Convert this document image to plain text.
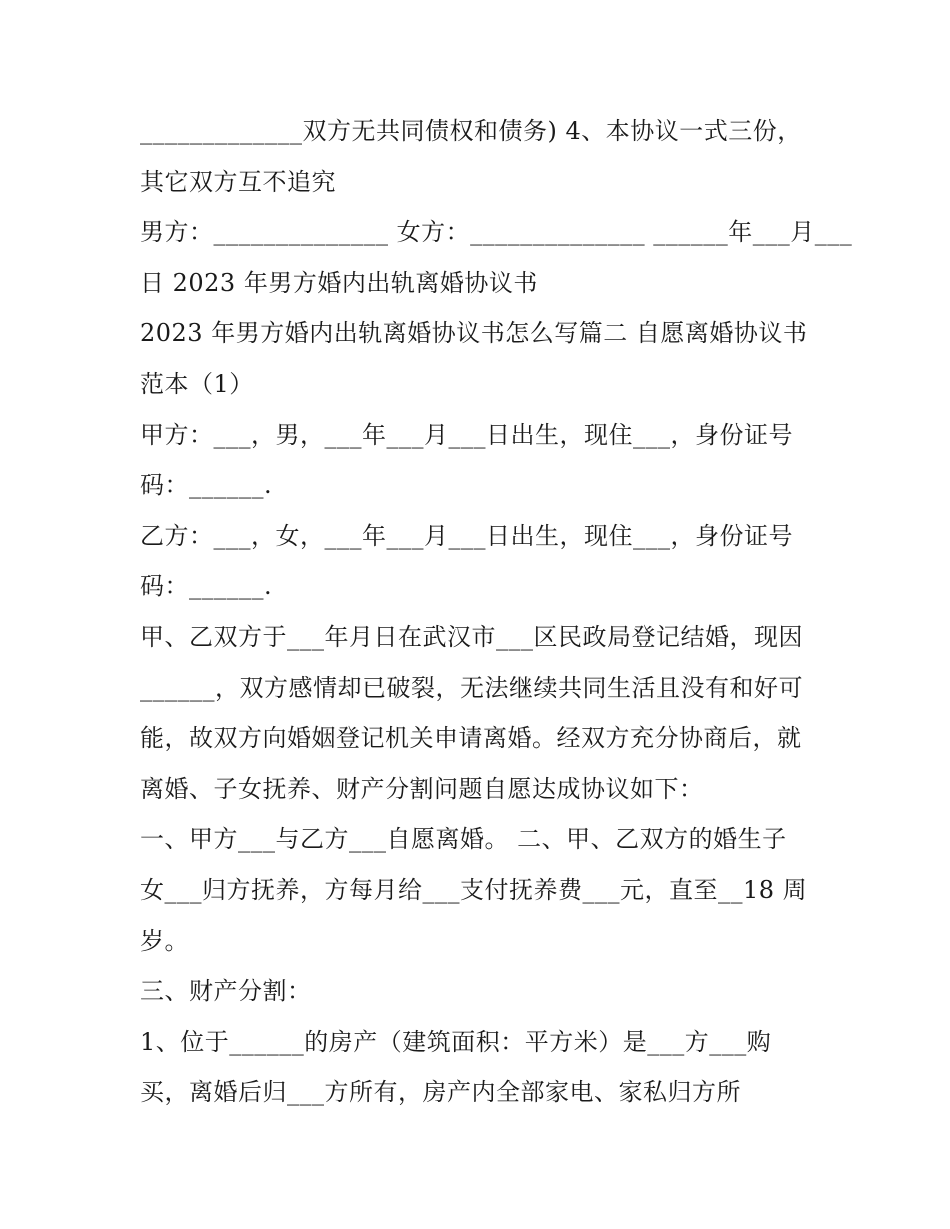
_____________双方无共同债权和债务) 4、本协议一式三份，
其它双方互不追究
男方：______________ 女方：______________ ______年___月___
日 2023 年男方婚内出轨离婚协议书
2023 年男方婚内出轨离婚协议书怎么写篇二 自愿离婚协议书
范本（1）
甲方：___，男，___年___月___日出生，现住___，身份证号
码：______.
乙方：___，女，___年___月___日出生，现住___，身份证号
码：______.
甲、乙双方于___年月日在武汉市___区民政局登记结婚，现因
______，双方感情却已破裂，无法继续共同生活且没有和好可
能，故双方向婚姻登记机关申请离婚。经双方充分协商后，就
离婚、子女抚养、财产分割问题自愿达成协议如下：
一、甲方___与乙方___自愿离婚。 二、甲、乙双方的婚生子
女___归方抚养，方每月给___支付抚养费___元，直至__18 周
岁。
三、财产分割：
1、位于______的房产（建筑面积：平方米）是___方___购
买，离婚后归___方所有，房产内全部家电、家私归方所
